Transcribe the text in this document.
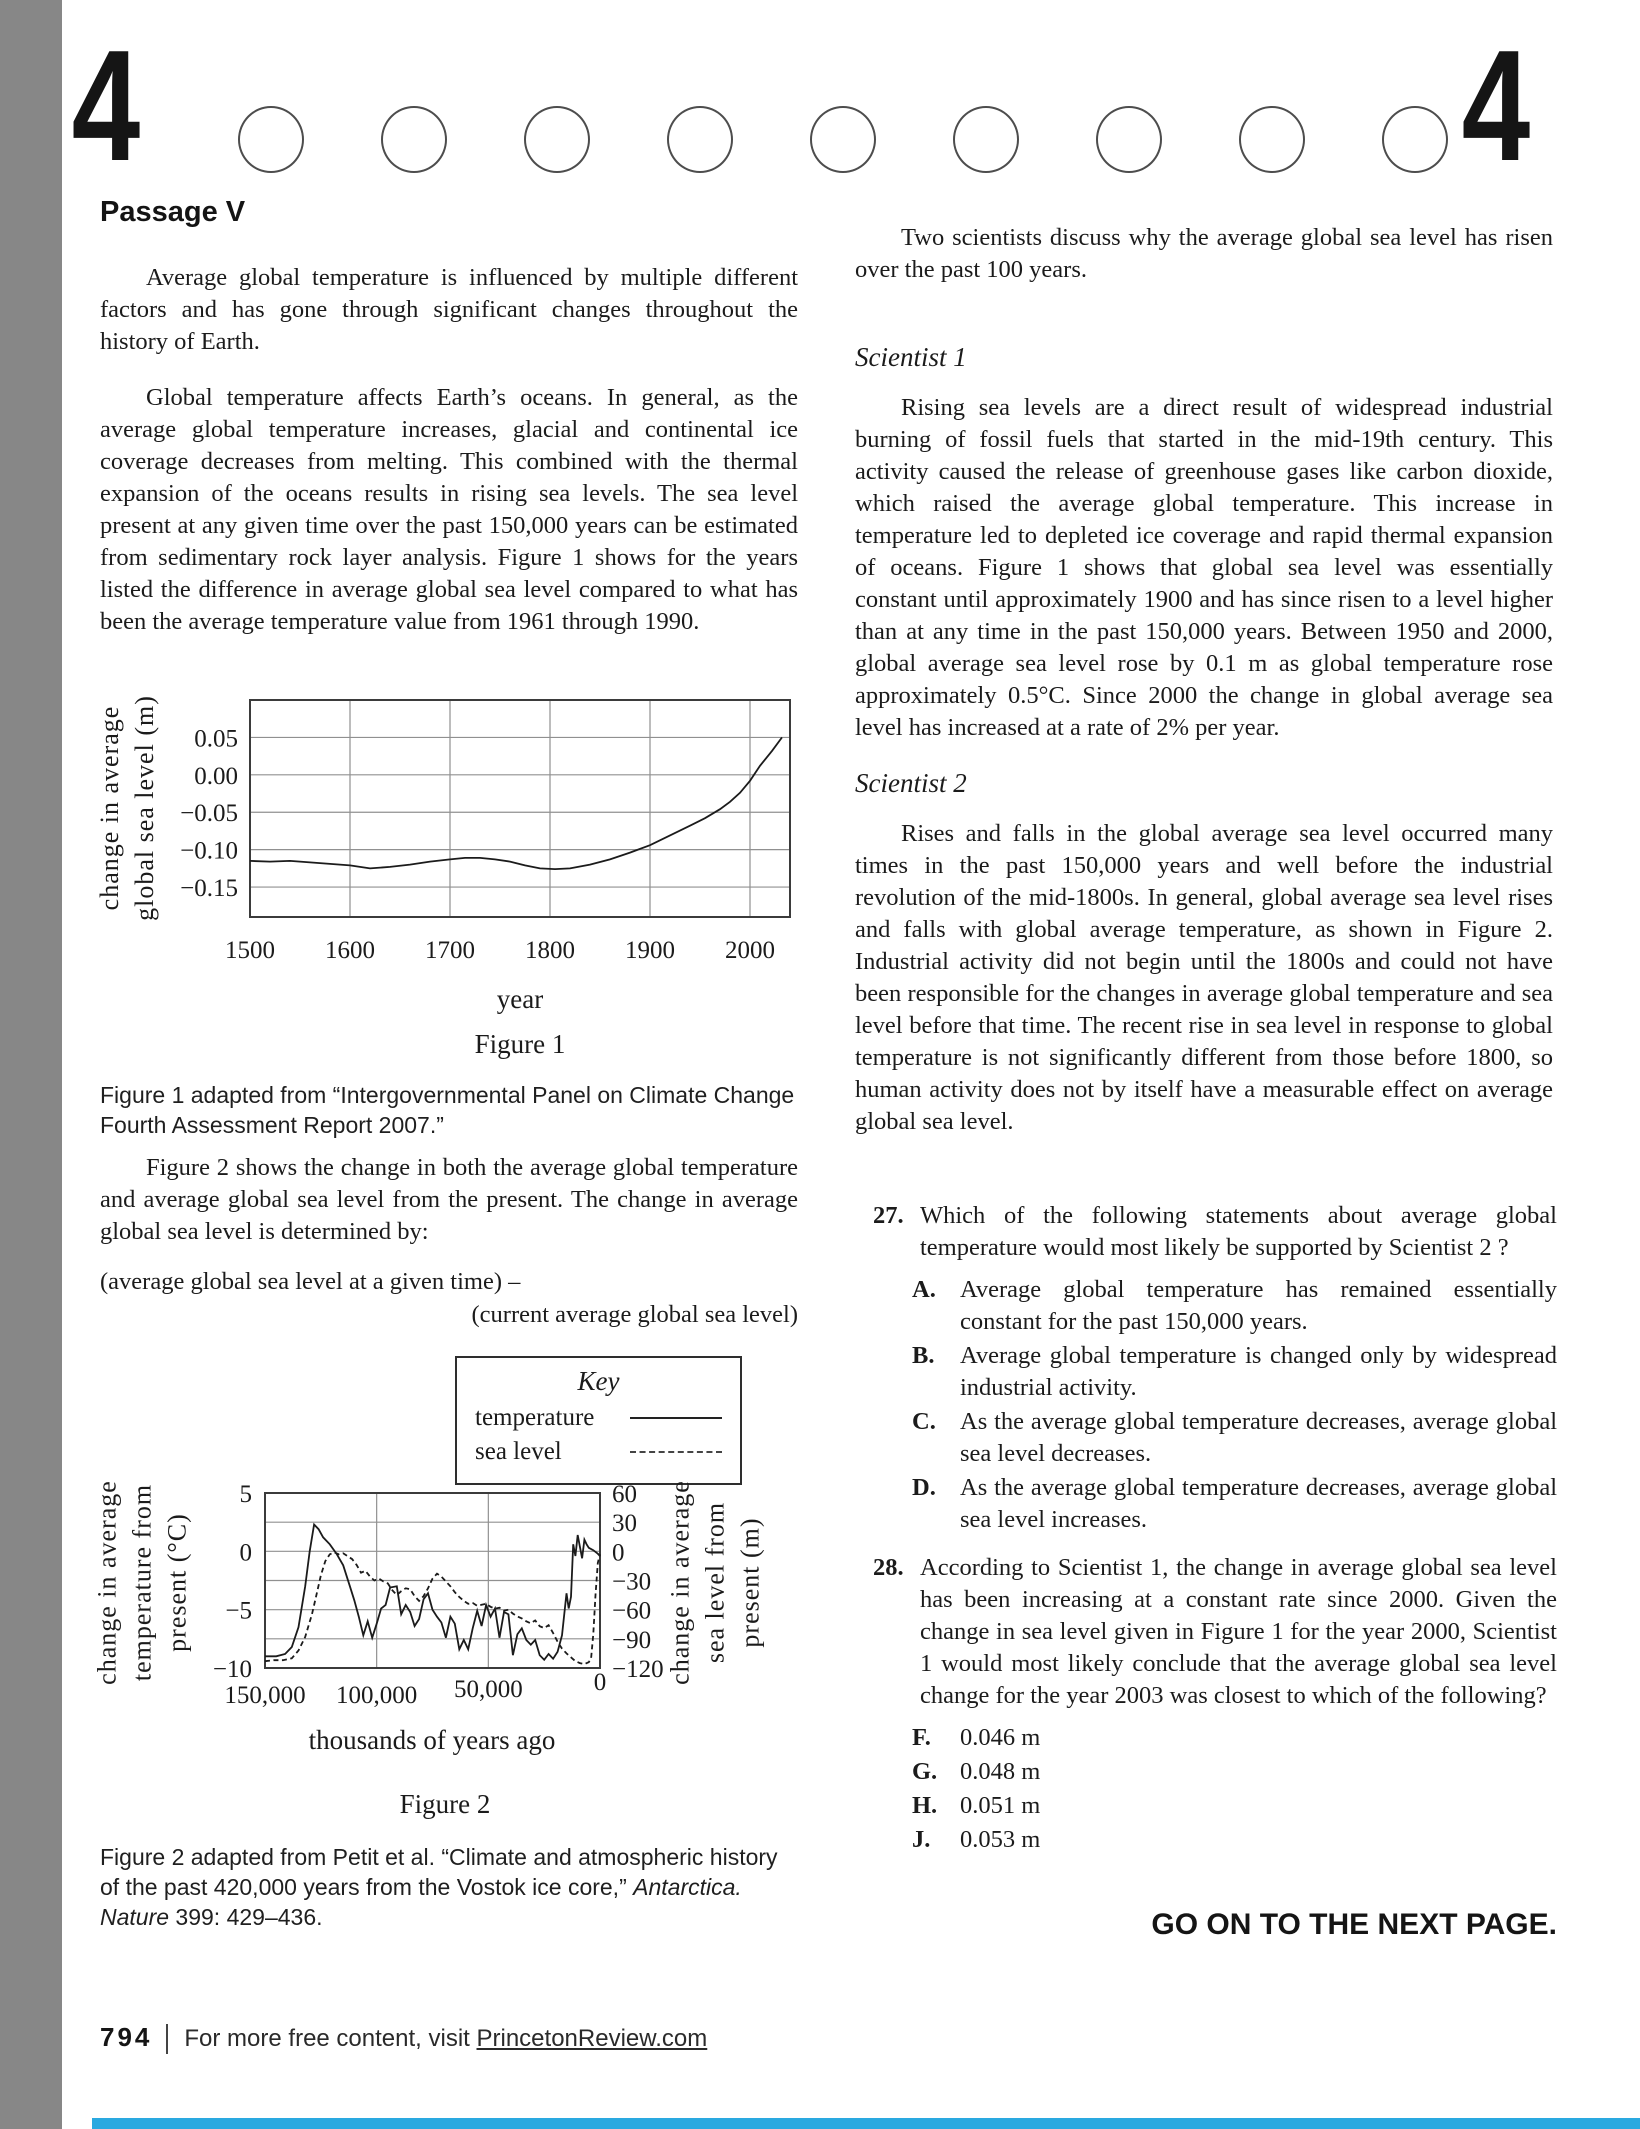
4	4
Passage V
Average global temperature is influenced by multiple different factors and has gone through significant changes throughout the history of Earth.
Global temperature affects Earth’s oceans. In general, as the average global temperature increases, glacial and continental ice coverage decreases from melting. This combined with the thermal expansion of the oceans results in rising sea levels. The sea level present at any given time over the past 150,000 years can be estimated from sedimentary rock layer analysis. Figure 1 shows for the years listed the difference in average global sea level compared to what has been the average temperature value from 1961 through 1990.
change in average global sea level (m)
1500 1600 1700 1800 1900 2000
0.05
0.00
−0.05
−0.10
−0.15
year
Figure 1
Figure 1 adapted from “Intergovernmental Panel on Climate Change Fourth Assessment Report 2007.”
Figure 2 shows the change in both the average global temperature and average global sea level from the present. The change in average global sea level is determined by:
(average global sea level at a given time) –
(current average global sea level)
Key
temperature
sea level
change in average temperature from present (°C)
150,000 100,000 50,000	0
5
0
−5
−10
60
30
0
−30
−60
−90
−120 change in average sea level from present (m)
thousands of years ago
Figure 2
Figure 2 adapted from Petit et al. “Climate and atmospheric history of the past 420,000 years from the Vostok ice core,” Antarctica. Nature 399: 429–436.
Two scientists discuss why the average global sea level has risen over the past 100 years.
Scientist 1
Rising sea levels are a direct result of widespread industrial burning of fossil fuels that started in the mid-19th century. This activity caused the release of greenhouse gases like carbon dioxide, which raised the average global temperature. This increase in temperature led to depleted ice coverage and rapid thermal expansion of oceans. Figure 1 shows that global sea level was essentially constant until approximately 1900 and has since risen to a level higher than at any time in the past 150,000 years. Between 1950 and 2000, global average sea level rose by 0.1 m as global temperature rose approximately 0.5°C. Since 2000 the change in global average sea level has increased at a rate of 2% per year.
Scientist 2
Rises and falls in the global average sea level occurred many times in the past 150,000 years and well before the industrial revolution of the mid-1800s. In general, global average sea level rises and falls with global average temperature, as shown in Figure 2. Industrial activity did not begin until the 1800s and could not have been responsible for the changes in average global temperature and sea level before that time. The recent rise in sea level in response to global temperature is not significantly different from those before 1800, so human activity does not by itself have a measurable effect on average global sea level.
27. Which of the following statements about average global temperature would most likely be supported by Scientist 2 ?
A. Average global temperature has remained essentially constant for the past 150,000 years.
B. Average global temperature is changed only by widespread industrial activity.
C. As the average global temperature decreases, average global sea level decreases.
D. As the average global temperature decreases, average global sea level increases.
28. According to Scientist 1, the change in average global sea level has been increasing at a constant rate since 2000. Given the change in sea level given in Figure 1 for the year 2000, Scientist 1 would most likely conclude that the average global sea level change for the year 2003 was closest to which of the following?
F. 0.046 m
G. 0.048 m
H. 0.051 m
J. 0.053 m
GO ON TO THE NEXT PAGE.
794 For more free content, visit PrincetonReview.com
